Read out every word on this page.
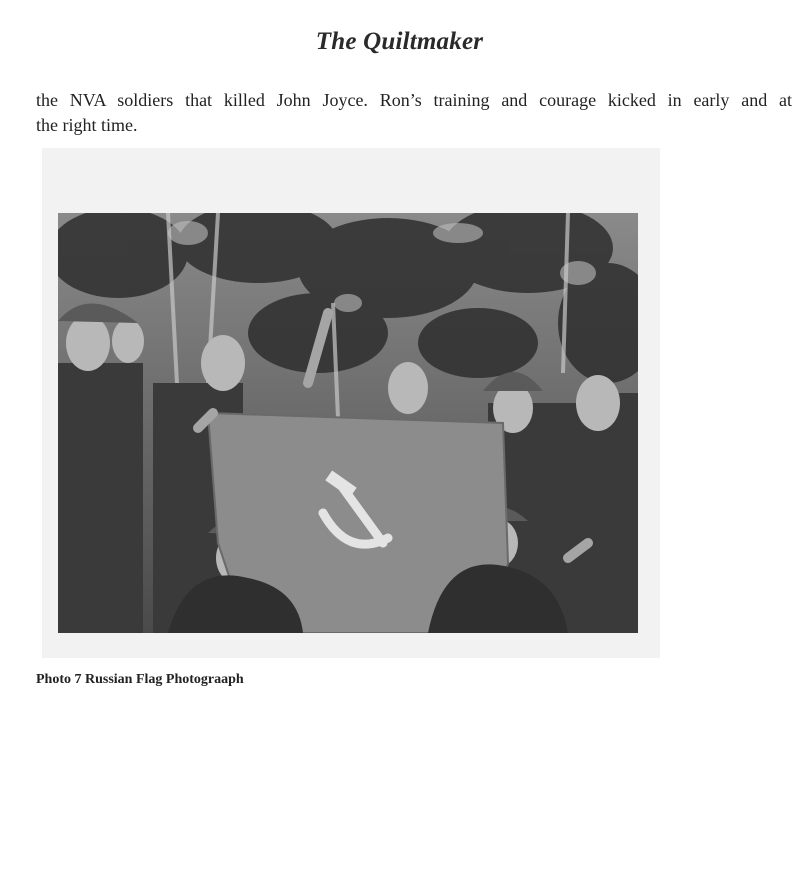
The Quiltmaker
the NVA soldiers that killed John Joyce. Ron’s training and courage kicked in early and at
the right time.
Photo 7 Russian Flag Photograaph
